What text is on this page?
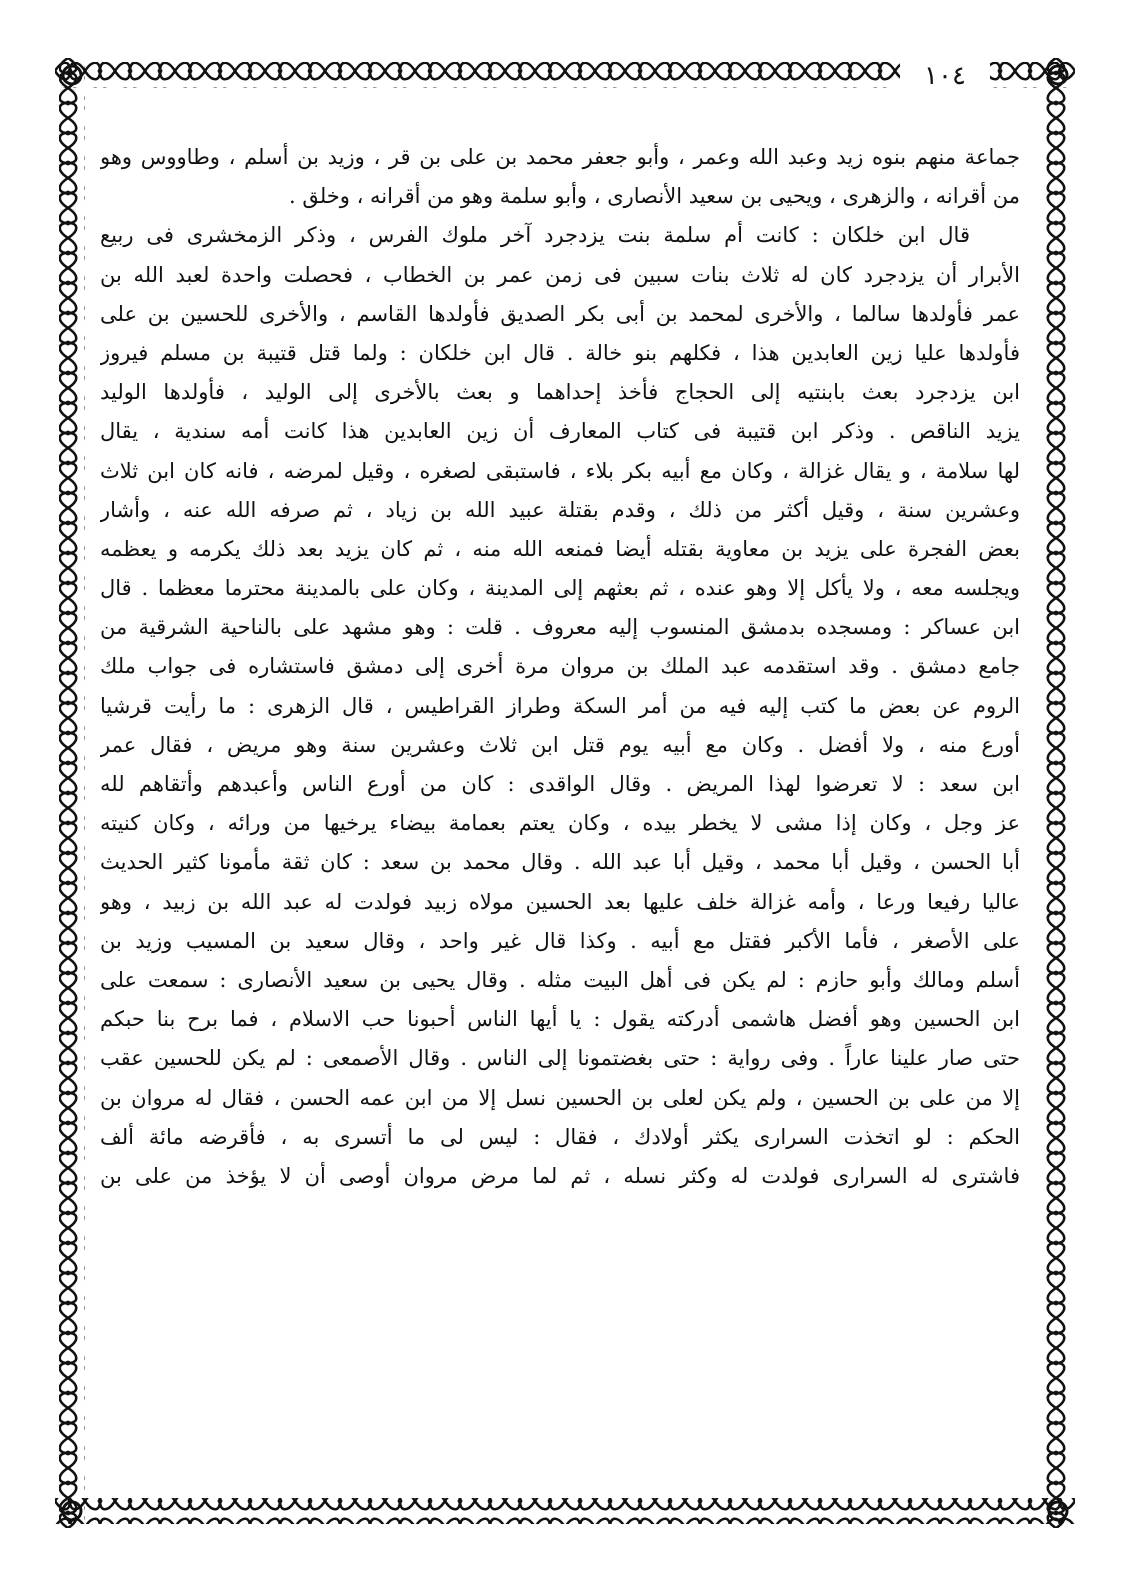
١٠٤
جماعة منهم بنوه زيد وعبد الله وعمر ، وأبو جعفر محمد بن على بن قر ، وزيد بن أسلم ، وطاووس وهو
من أقرانه ، والزهرى ، ويحيى بن سعيد الأنصارى ، وأبو سلمة وهو من أقرانه ، وخلق .
قال ابن خلكان : كانت أم سلمة بنت يزدجرد آخر ملوك الفرس ، وذكر الزمخشرى فى ربيع
الأبرار أن يزدجرد كان له ثلاث بنات سبين فى زمن عمر بن الخطاب ، فحصلت واحدة لعبد الله بن
عمر فأولدها سالما ، والأخرى لمحمد بن أبى بكر الصديق فأولدها القاسم ، والأخرى للحسين بن على
فأولدها عليا زين العابدين هذا ، فكلهم بنو خالة . قال ابن خلكان : ولما قتل قتيبة بن مسلم فيروز
ابن يزدجرد بعث بابنتيه إلى الحجاج فأخذ إحداهما و بعث بالأخرى إلى الوليد ، فأولدها الوليد
يزيد الناقص . وذكر ابن قتيبة فى كتاب المعارف أن زين العابدين هذا كانت أمه سندية ، يقال
لها سلامة ، و يقال غزالة ، وكان مع أبيه بكر بلاء ، فاستبقى لصغره ، وقيل لمرضه ، فانه كان ابن ثلاث
وعشرين سنة ، وقيل أكثر من ذلك ، وقدم بقتلة عبيد الله بن زياد ، ثم صرفه الله عنه ، وأشار
بعض الفجرة على يزيد بن معاوية بقتله أيضا فمنعه الله منه ، ثم كان يزيد بعد ذلك يكرمه و يعظمه
ويجلسه معه ، ولا يأكل إلا وهو عنده ، ثم بعثهم إلى المدينة ، وكان على بالمدينة محترما معظما . قال
ابن عساكر : ومسجده بدمشق المنسوب إليه معروف . قلت : وهو مشهد على بالناحية الشرقية من
جامع دمشق . وقد استقدمه عبد الملك بن مروان مرة أخرى إلى دمشق فاستشاره فى جواب ملك
الروم عن بعض ما كتب إليه فيه من أمر السكة وطراز القراطيس ، قال الزهرى : ما رأيت قرشيا
أورع منه ، ولا أفضل . وكان مع أبيه يوم قتل ابن ثلاث وعشرين سنة وهو مريض ، فقال عمر
ابن سعد : لا تعرضوا لهذا المريض . وقال الواقدى : كان من أورع الناس وأعبدهم وأتقاهم لله
عز وجل ، وكان إذا مشى لا يخطر بيده ، وكان يعتم بعمامة بيضاء يرخيها من ورائه ، وكان كنيته
أبا الحسن ، وقيل أبا محمد ، وقيل أبا عبد الله . وقال محمد بن سعد : كان ثقة مأمونا كثير الحديث
عاليا رفيعا ورعا ، وأمه غزالة خلف عليها بعد الحسين مولاه زبيد فولدت له عبد الله بن زبيد ، وهو
على الأصغر ، فأما الأكبر فقتل مع أبيه . وكذا قال غير واحد ، وقال سعيد بن المسيب وزيد بن
أسلم ومالك وأبو حازم : لم يكن فى أهل البيت مثله . وقال يحيى بن سعيد الأنصارى : سمعت على
ابن الحسين وهو أفضل هاشمى أدركته يقول : يا أيها الناس أحبونا حب الاسلام ، فما برح بنا حبكم
حتى صار علينا عاراً . وفى رواية : حتى بغضتمونا إلى الناس . وقال الأصمعى : لم يكن للحسين عقب
إلا من على بن الحسين ، ولم يكن لعلى بن الحسين نسل إلا من ابن عمه الحسن ، فقال له مروان بن
الحكم : لو اتخذت السرارى يكثر أولادك ، فقال : ليس لى ما أتسرى به ، فأقرضه مائة ألف
فاشترى له السرارى فولدت له وكثر نسله ، ثم لما مرض مروان أوصى أن لا يؤخذ من على بن
